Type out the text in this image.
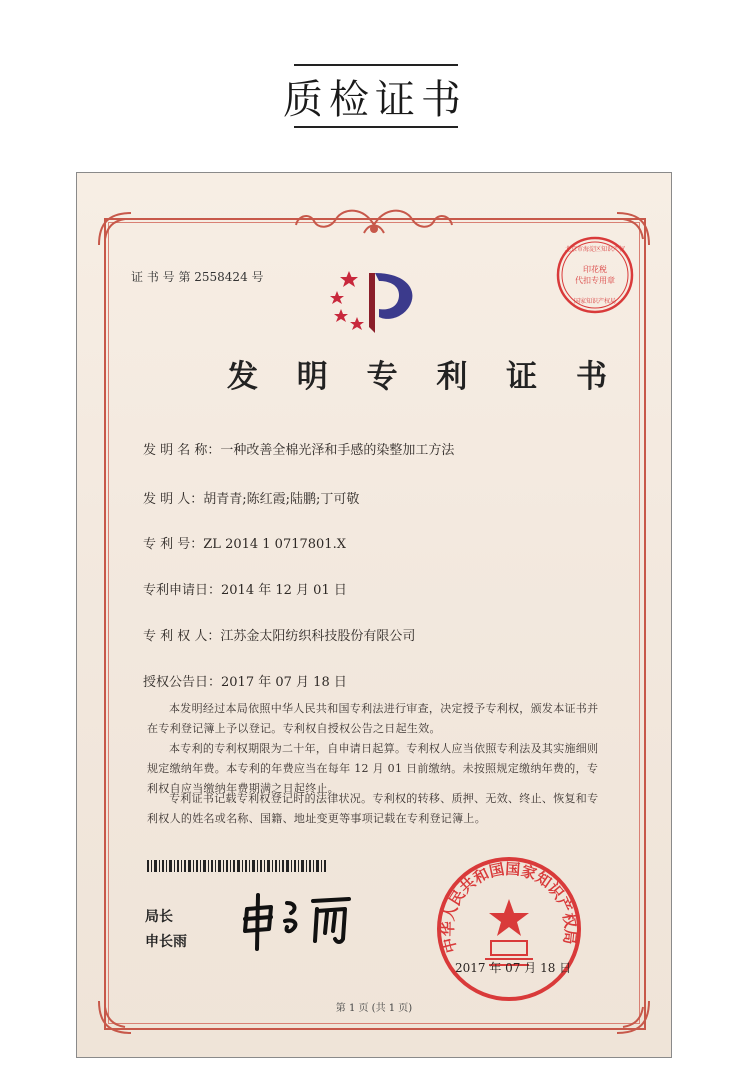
质检证书
证 书 号 第 2558424 号
发 明 专 利 证 书
发 明 名 称：一种改善全棉光泽和手感的染整加工方法
发 明 人：胡青青;陈红霞;陆鹏;丁可敬
专 利 号：ZL 2014 1 0717801.X
专利申请日：2014 年 12 月 01 日
专 利 权 人：江苏金太阳纺织科技股份有限公司
授权公告日：2017 年 07 月 18 日
本发明经过本局依照中华人民共和国专利法进行审查，决定授予专利权，颁发本证书并在专利登记簿上予以登记。专利权自授权公告之日起生效。
本专利的专利权期限为二十年，自申请日起算。专利权人应当依照专利法及其实施细则规定缴纳年费。本专利的年费应当在每年 12 月 01 日前缴纳。未按照规定缴纳年费的，专利权自应当缴纳年费期满之日起终止。
专利证书记载专利权登记时的法律状况。专利权的转移、质押、无效、终止、恢复和专利权人的姓名或名称、国籍、地址变更等事项记载在专利登记簿上。
局长
申长雨
北京市海淀区知识产权
印花税
代扣专用章
国家知识产权局
中华人民共和国国家知识产权局
2017 年 07 月 18 日
第 1 页 (共 1 页)
